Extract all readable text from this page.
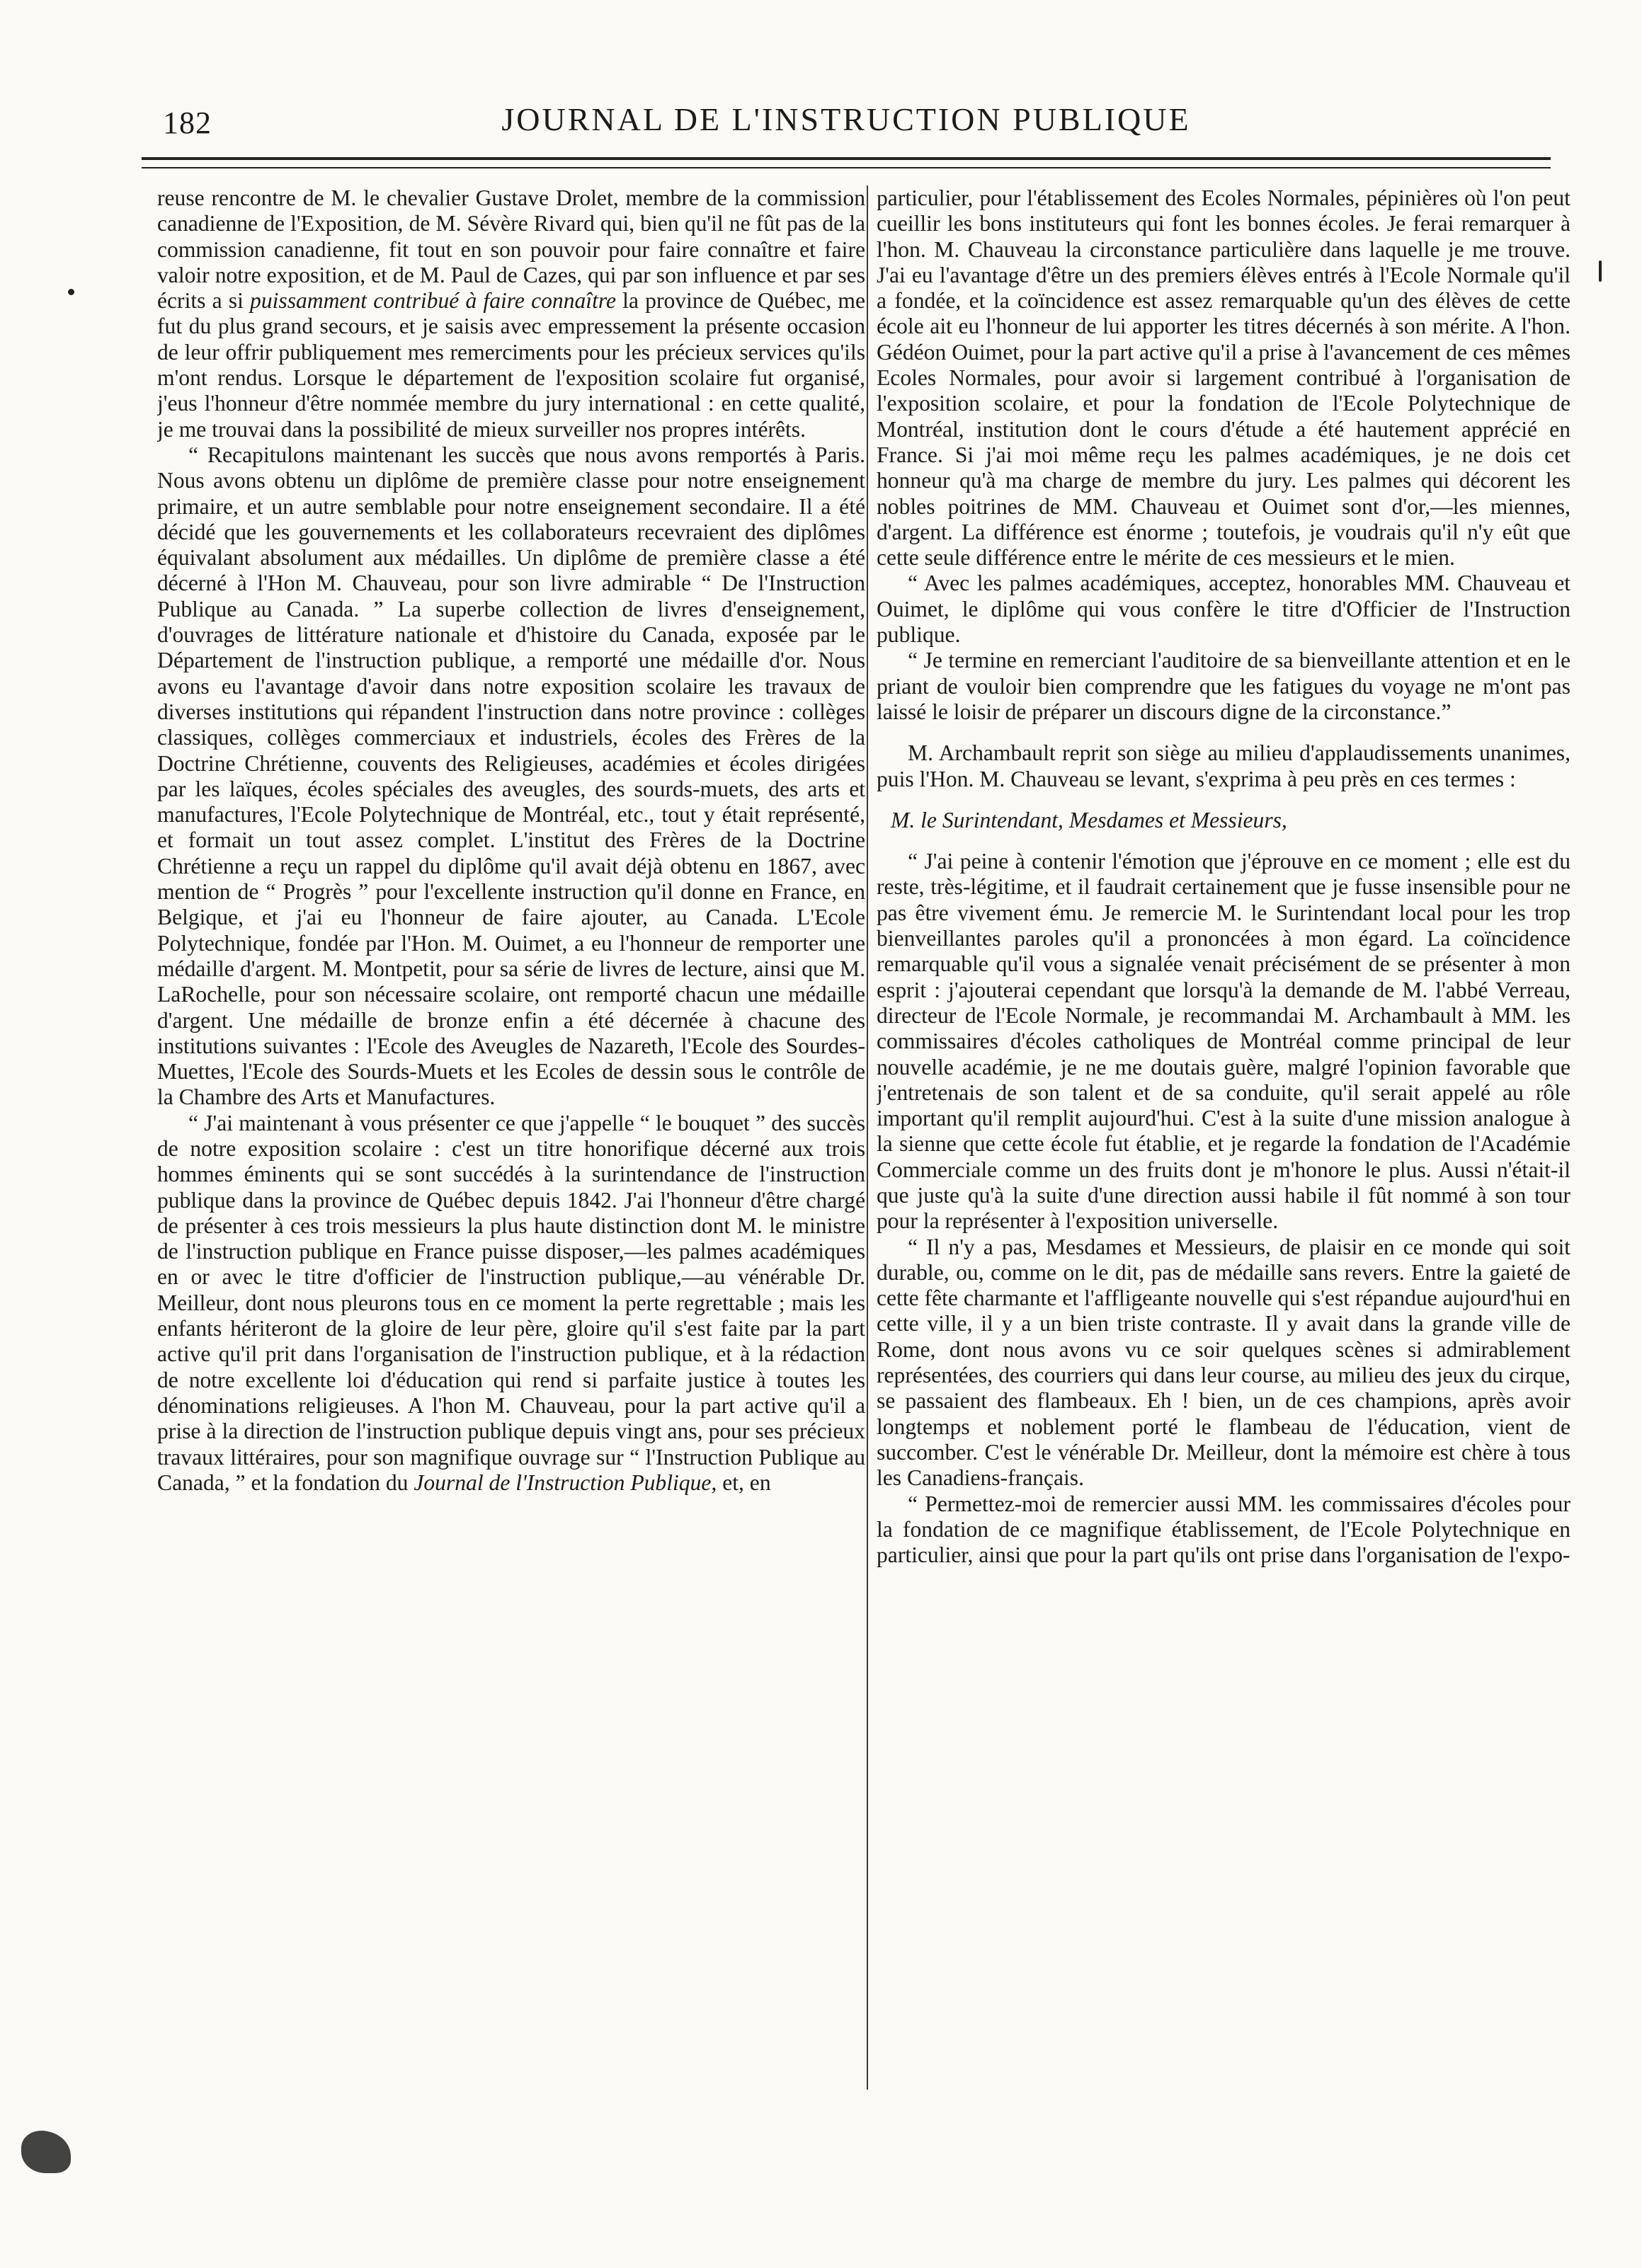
182	JOURNAL DE L'INSTRUCTION PUBLIQUE

reuse rencontre de M. le chevalier Gustave Drolet, membre de la commission canadienne de l'Exposition, de M. Sévère Rivard qui, bien qu'il ne fût pas de la commission canadienne, fit tout en son pouvoir pour faire connaître et faire valoir notre exposition, et de M. Paul de Cazes, qui par son influence et par ses écrits a si puissamment contribué à faire connaître la province de Québec, me fut du plus grand secours, et je saisis avec empressement la présente occasion de leur offrir publiquement mes remerciments pour les précieux services qu'ils m'ont rendus. Lorsque le département de l'exposition scolaire fut organisé, j'eus l'honneur d'être nommée membre du jury international : en cette qualité, je me trouvai dans la possibilité de mieux surveiller nos propres intérêts.

“ Recapitulons maintenant les succès que nous avons remportés à Paris. Nous avons obtenu un diplôme de première classe pour notre enseignement primaire, et un autre semblable pour notre enseignement secondaire. Il a été décidé que les gouvernements et les collaborateurs recevraient des diplômes équivalant absolument aux médailles. Un diplôme de première classe a été décerné à l'Hon M. Chauveau, pour son livre admirable “ De l'Instruction Publique au Canada. ” La superbe collection de livres d'enseignement, d'ouvrages de littérature nationale et d'histoire du Canada, exposée par le Département de l'instruction publique, a remporté une médaille d'or. Nous avons eu l'avantage d'avoir dans notre exposition scolaire les travaux de diverses institutions qui répandent l'instruction dans notre province : collèges classiques, collèges commerciaux et industriels, écoles des Frères de la Doctrine Chrétienne, couvents des Religieuses, académies et écoles dirigées par les laïques, écoles spéciales des aveugles, des sourds-muets, des arts et manufactures, l'Ecole Polytechnique de Montréal, etc., tout y était représenté, et formait un tout assez complet. L'institut des Frères de la Doctrine Chrétienne a reçu un rappel du diplôme qu'il avait déjà obtenu en 1867, avec mention de “ Progrès ” pour l'excellente instruction qu'il donne en France, en Belgique, et j'ai eu l'honneur de faire ajouter, au Canada. L'Ecole Polytechnique, fondée par l'Hon. M. Ouimet, a eu l'honneur de remporter une médaille d'argent. M. Montpetit, pour sa série de livres de lecture, ainsi que M. LaRochelle, pour son nécessaire scolaire, ont remporté chacun une médaille d'argent. Une médaille de bronze enfin a été décernée à chacune des institutions suivantes : l'Ecole des Aveugles de Nazareth, l'Ecole des Sourdes-Muettes, l'Ecole des Sourds-Muets et les Ecoles de dessin sous le contrôle de la Chambre des Arts et Manufactures.

“ J'ai maintenant à vous présenter ce que j'appelle “ le bouquet ” des succès de notre exposition scolaire : c'est un titre honorifique décerné aux trois hommes éminents qui se sont succédés à la surintendance de l'instruction publique dans la province de Québec depuis 1842. J'ai l'honneur d'être chargé de présenter à ces trois messieurs la plus haute distinction dont M. le ministre de l'instruction publique en France puisse disposer,—les palmes académiques en or avec le titre d'officier de l'instruction publique,—au vénérable Dr. Meilleur, dont nous pleurons tous en ce moment la perte regrettable ; mais les enfants hériteront de la gloire de leur père, gloire qu'il s'est faite par la part active qu'il prit dans l'organisation de l'instruction publique, et à la rédaction de notre excellente loi d'éducation qui rend si parfaite justice à toutes les dénominations religieuses. A l'hon M. Chauveau, pour la part active qu'il a prise à la direction de l'instruction publique depuis vingt ans, pour ses précieux travaux littéraires, pour son magnifique ouvrage sur “ l'Instruction Publique au Canada, ” et la fondation du Journal de l'Instruction Publique, et, en

particulier, pour l'établissement des Ecoles Normales, pépinières où l'on peut cueillir les bons instituteurs qui font les bonnes écoles. Je ferai remarquer à l'hon. M. Chauveau la circonstance particulière dans laquelle je me trouve. J'ai eu l'avantage d'être un des premiers élèves entrés à l'Ecole Normale qu'il a fondée, et la coïncidence est assez remarquable qu'un des élèves de cette école ait eu l'honneur de lui apporter les titres décernés à son mérite. A l'hon. Gédéon Ouimet, pour la part active qu'il a prise à l'avancement de ces mêmes Ecoles Normales, pour avoir si largement contribué à l'organisation de l'exposition scolaire, et pour la fondation de l'Ecole Polytechnique de Montréal, institution dont le cours d'étude a été hautement apprécié en France. Si j'ai moi même reçu les palmes académiques, je ne dois cet honneur qu'à ma charge de membre du jury. Les palmes qui décorent les nobles poitrines de MM. Chauveau et Ouimet sont d'or,—les miennes, d'argent. La différence est énorme ; toutefois, je voudrais qu'il n'y eût que cette seule différence entre le mérite de ces messieurs et le mien.

“ Avec les palmes académiques, acceptez, honorables MM. Chauveau et Ouimet, le diplôme qui vous confère le titre d'Officier de l'Instruction publique.

“ Je termine en remerciant l'auditoire de sa bienveillante attention et en le priant de vouloir bien comprendre que les fatigues du voyage ne m'ont pas laissé le loisir de préparer un discours digne de la circonstance.”

M. Archambault reprit son siège au milieu d'applaudissements unanimes, puis l'Hon. M. Chauveau se levant, s'exprima à peu près en ces termes :

M. le Surintendant, Mesdames et Messieurs,

“ J'ai peine à contenir l'émotion que j'éprouve en ce moment ; elle est du reste, très-légitime, et il faudrait certainement que je fusse insensible pour ne pas être vivement ému. Je remercie M. le Surintendant local pour les trop bienveillantes paroles qu'il a prononcées à mon égard. La coïncidence remarquable qu'il vous a signalée venait précisément de se présenter à mon esprit : j'ajouterai cependant que lorsqu'à la demande de M. l'abbé Verreau, directeur de l'Ecole Normale, je recommandai M. Archambault à MM. les commissaires d'écoles catholiques de Montréal comme principal de leur nouvelle académie, je ne me doutais guère, malgré l'opinion favorable que j'entretenais de son talent et de sa conduite, qu'il serait appelé au rôle important qu'il remplit aujourd'hui. C'est à la suite d'une mission analogue à la sienne que cette école fut établie, et je regarde la fondation de l'Académie Commerciale comme un des fruits dont je m'honore le plus. Aussi n'était-il que juste qu'à la suite d'une direction aussi habile il fût nommé à son tour pour la représenter à l'exposition universelle.

“ Il n'y a pas, Mesdames et Messieurs, de plaisir en ce monde qui soit durable, ou, comme on le dit, pas de médaille sans revers. Entre la gaieté de cette fête charmante et l'affligeante nouvelle qui s'est répandue aujourd'hui en cette ville, il y a un bien triste contraste. Il y avait dans la grande ville de Rome, dont nous avons vu ce soir quelques scènes si admirablement représentées, des courriers qui dans leur course, au milieu des jeux du cirque, se passaient des flambeaux. Eh ! bien, un de ces champions, après avoir longtemps et noblement porté le flambeau de l'éducation, vient de succomber. C'est le vénérable Dr. Meilleur, dont la mémoire est chère à tous les Canadiens-français.

“ Permettez-moi de remercier aussi MM. les commissaires d'écoles pour la fondation de ce magnifique établissement, de l'Ecole Polytechnique en particulier, ainsi que pour la part qu'ils ont prise dans l'organisation de l'expo-
